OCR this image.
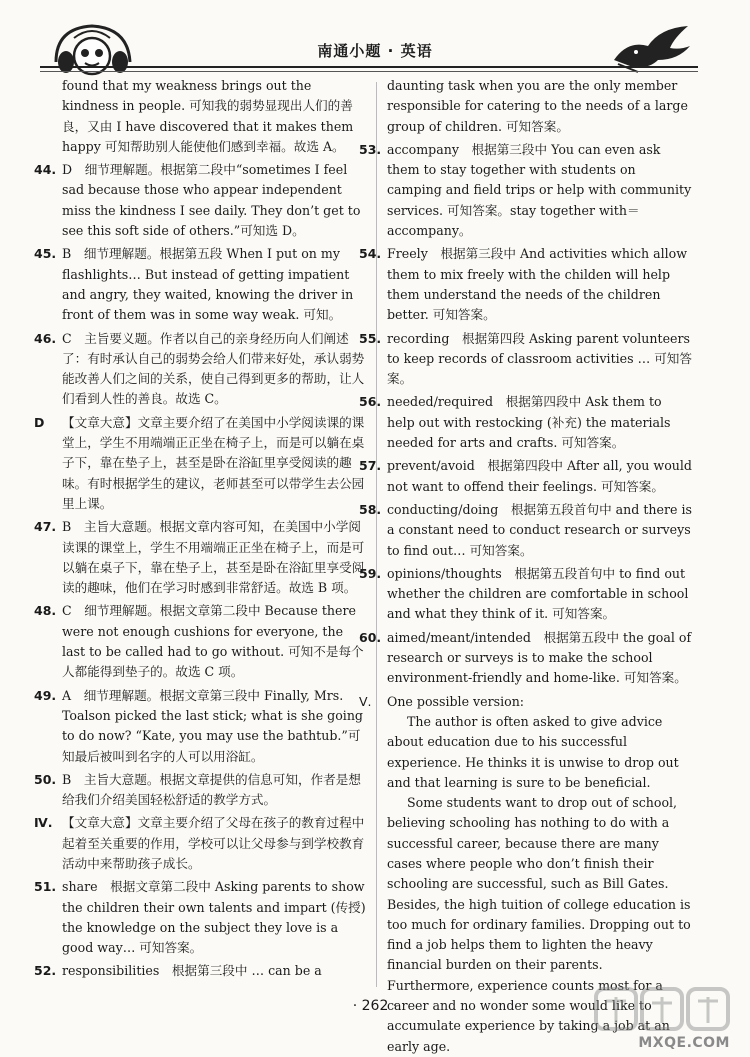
南通小题 · 英语
found that my weakness brings out the kindness in people. 可知我的弱势显现出人们的善良，又由 I have discovered that it makes them happy 可知帮助别人能使他们感到幸福。故选 A。
44. D　细节理解题。根据第二段中“sometimes I feel sad because those who appear independent miss the kindness I see daily. They don’t get to see this soft side of others.”可知选 D。
45. B　细节理解题。根据第五段 When I put on my flashlights… But instead of getting impatient and angry, they waited, knowing the driver in front of them was in some way weak. 可知。
46. C　主旨要义题。作者以自己的亲身经历向人们阐述了：有时承认自己的弱势会给人们带来好处，承认弱势能改善人们之间的关系，使自己得到更多的帮助，让人们看到人性的善良。故选 C。
D	【文章大意】文章主要介绍了在美国中小学阅读课的课堂上，学生不用端端正正坐在椅子上，而是可以躺在桌子下，靠在垫子上，甚至是卧在浴缸里享受阅读的趣味。有时根据学生的建议，老师甚至可以带学生去公园里上课。
47. B　主旨大意题。根据文章内容可知，在美国中小学阅读课的课堂上，学生不用端端正正坐在椅子上，而是可以躺在桌子下，靠在垫子上，甚至是卧在浴缸里享受阅读的趣味，他们在学习时感到非常舒适。故选 B 项。
48. C　细节理解题。根据文章第二段中 Because there were not enough cushions for everyone, the last to be called had to go without. 可知不是每个人都能得到垫子的。故选 C 项。
49. A　细节理解题。根据文章第三段中 Finally, Mrs. Toalson picked the last stick; what is she going to do now? “Kate, you may use the bathtub.”可知最后被叫到名字的人可以用浴缸。
50. B　主旨大意题。根据文章提供的信息可知，作者是想给我们介绍美国轻松舒适的教学方式。
Ⅳ. 【文章大意】文章主要介绍了父母在孩子的教育过程中起着至关重要的作用，学校可以让父母参与到学校教育活动中来帮助孩子成长。
51. share　根据文章第二段中 Asking parents to show the children their own talents and impart (传授) the knowledge on the subject they love is a good way… 可知答案。
52. responsibilities　根据第三段中 … can be a
daunting task when you are the only member responsible for catering to the needs of a large group of children. 可知答案。
53. accompany　根据第三段中 You can even ask them to stay together with students on camping and field trips or help with community services. 可知答案。stay together with＝accompany。
54. Freely　根据第三段中 And activities which allow them to mix freely with the childen will help them understand the needs of the children better. 可知答案。
55. recording　根据第四段 Asking parent volunteers to keep records of classroom activities … 可知答案。
56. needed/required　根据第四段中 Ask them to help out with restocking (补充) the materials needed for arts and crafts. 可知答案。
57. prevent/avoid　根据第四段中 After all, you would not want to offend their feelings. 可知答案。
58. conducting/doing　根据第五段首句中 and there is a constant need to conduct research or surveys to find out… 可知答案。
59. opinions/thoughts　根据第五段首句中 to find out whether the children are comfortable in school and what they think of it. 可知答案。
60. aimed/meant/intended　根据第五段中 the goal of research or surveys is to make the school environment-friendly and home-like. 可知答案。
Ⅴ.	One possible version:

The author is often asked to give advice about education due to his successful experience. He thinks it is unwise to drop out and that learning is sure to be beneficial.

Some students want to drop out of school, believing schooling has nothing to do with a successful career, because there are many cases where people who don’t finish their schooling are successful, such as Bill Gates. Besides, the high tuition of college education is too much for ordinary families. Dropping out to find a job helps them to lighten the heavy financial burden on their parents. Furthermore, experience counts most for a career and no wonder some would like to accumulate experience by taking a job at an early age.

· 262 ·
MXQE.COM
